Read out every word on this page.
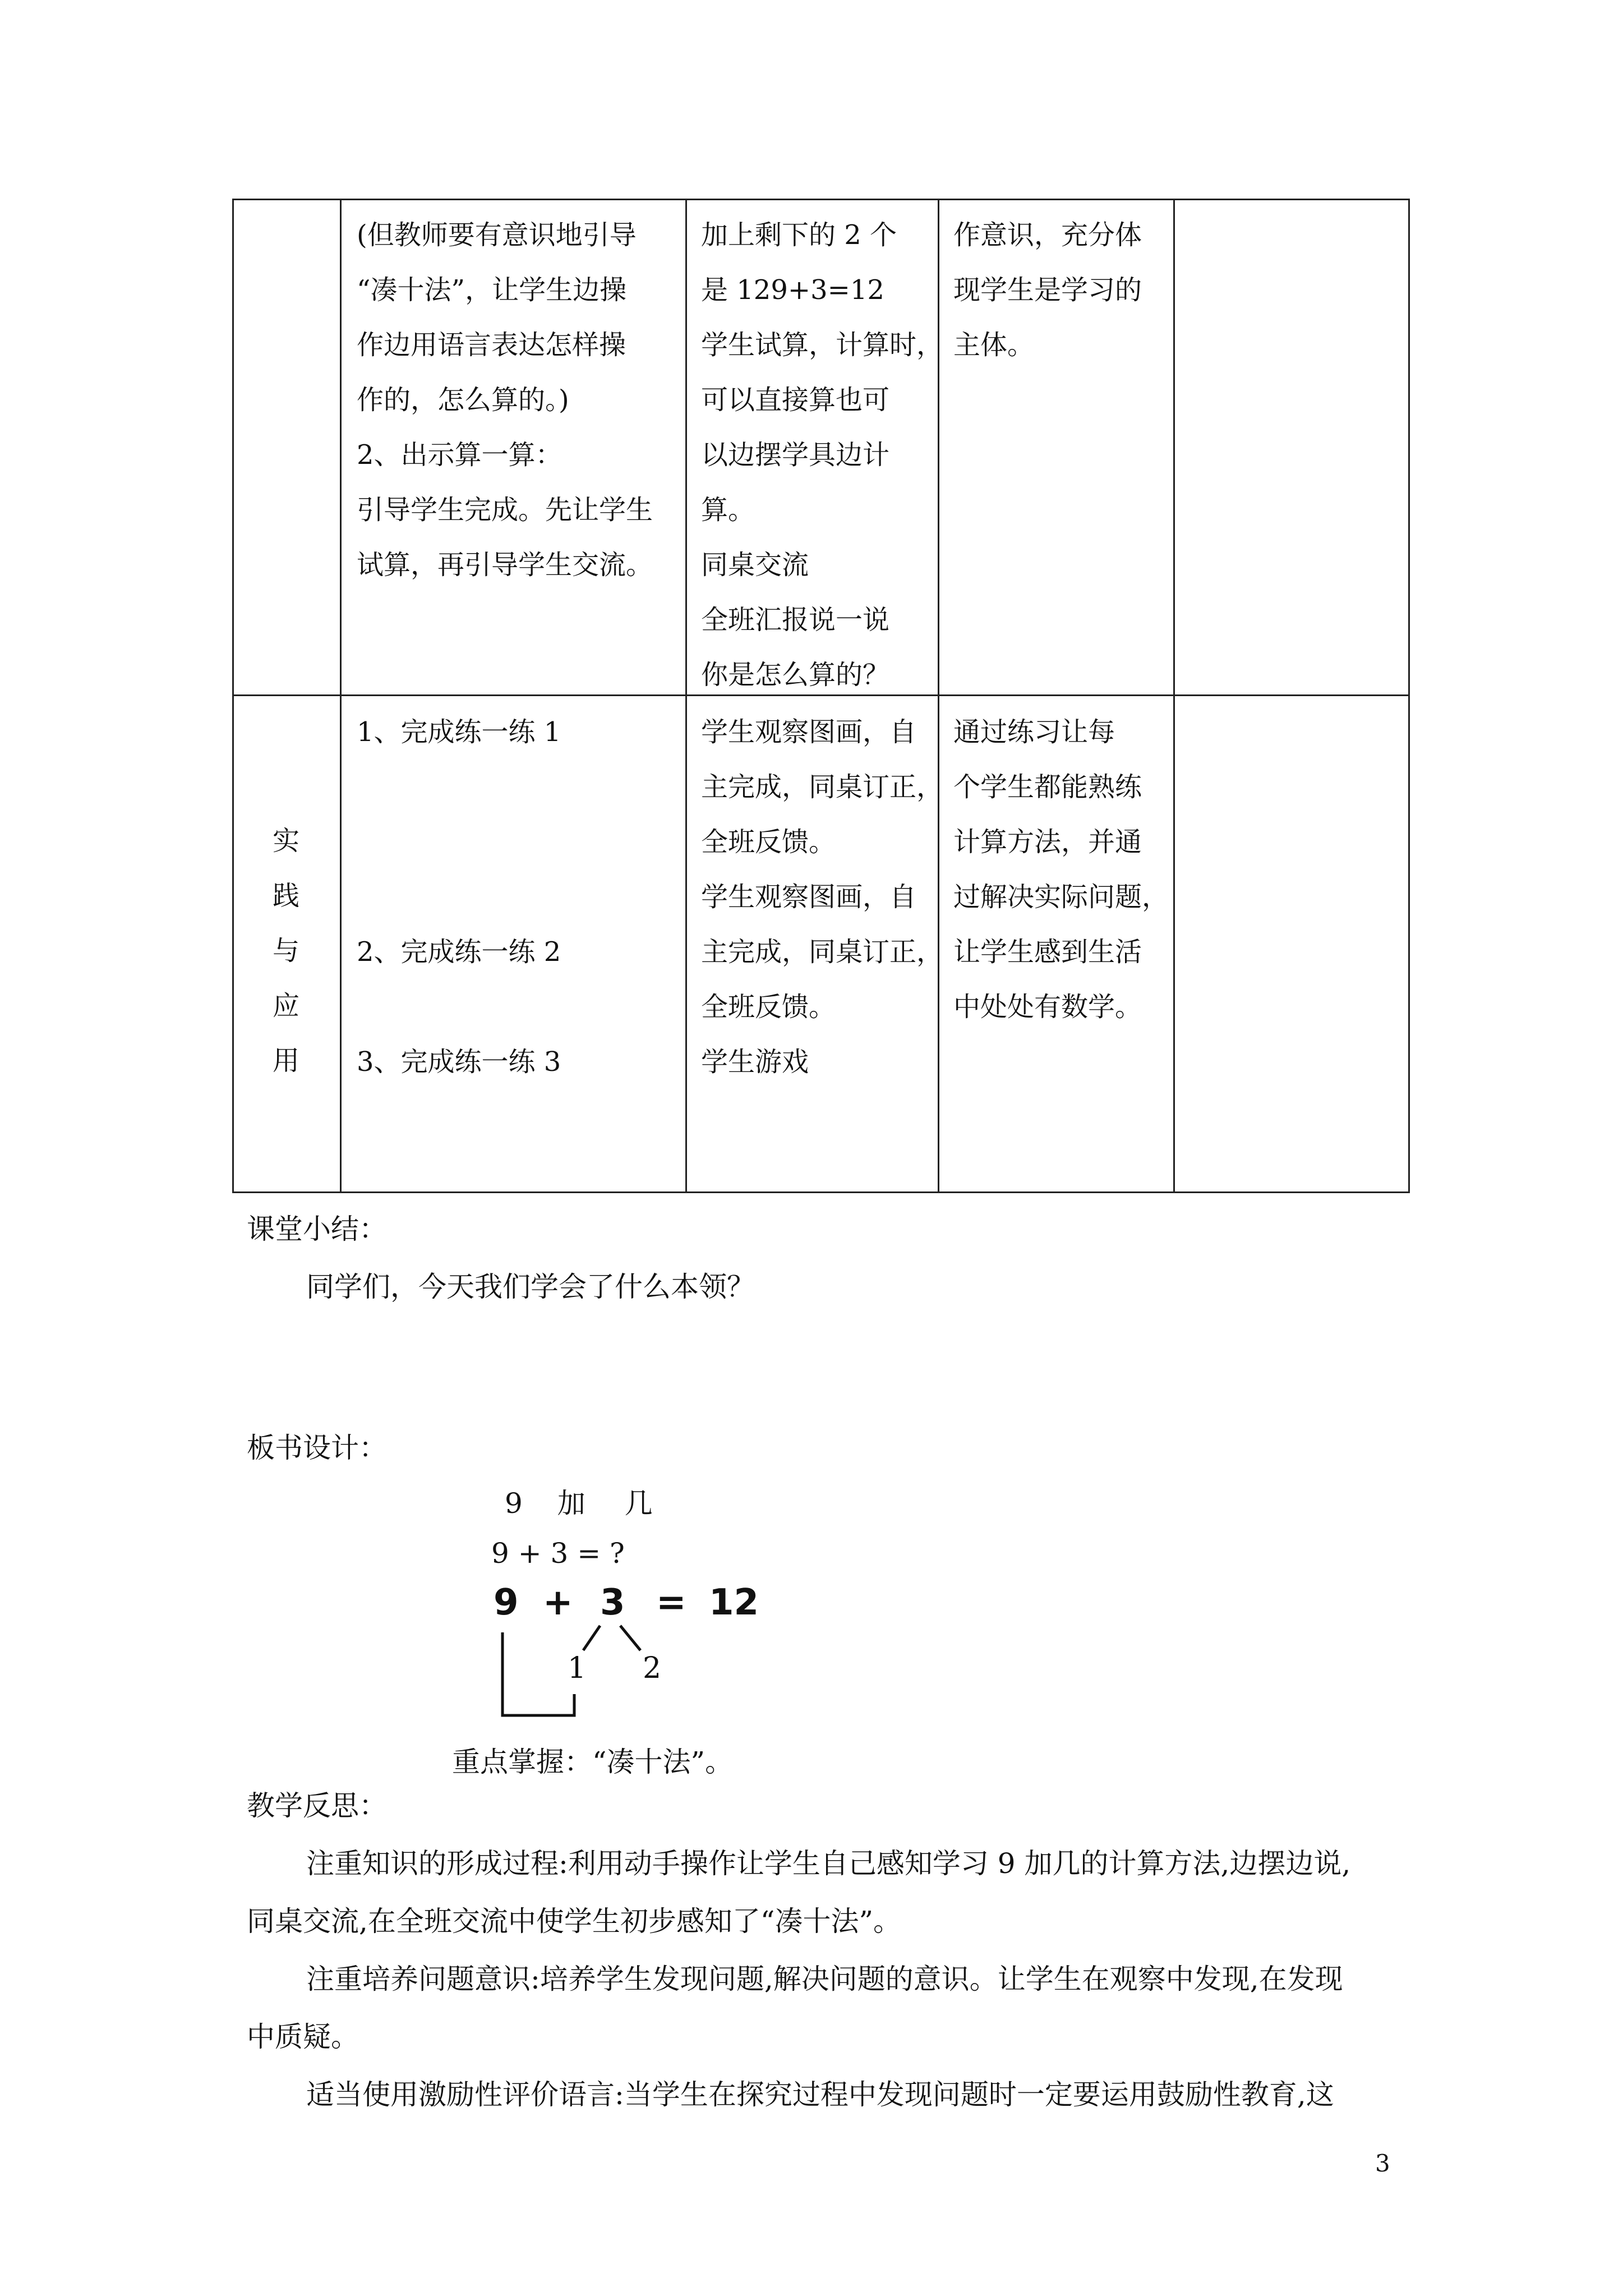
(但教师要有意识地引导
“凑十法”，让学生边操
作边用语言表达怎样操
作的，怎么算的。)
2、出示算一算：
引导学生完成。先让学生
试算，再引导学生交流。
加上剩下的 2 个
是 129+3=12
学生试算，计算时，
可以直接算也可
以边摆学具边计
算。
同桌交流
全班汇报说一说
你是怎么算的？
作意识，充分体
现学生是学习的
主体。
实
践
与
应
用
1、完成练一练 1
2、完成练一练 2
3、完成练一练 3
学生观察图画，自
主完成，同桌订正，
全班反馈。
学生观察图画，自
主完成，同桌订正，
全班反馈。
学生游戏
通过练习让每
个学生都能熟练
计算方法，并通
过解决实际问题，
让学生感到生活
中处处有数学。
课堂小结：
同学们，今天我们学会了什么本领？
板书设计：
9 加 几
9 + 3 = ?
9 + 3 = 12
1 2
重点掌握：“凑十法”。
教学反思：
注重知识的形成过程:利用动手操作让学生自己感知学习 9 加几的计算方法,边摆边说,
同桌交流,在全班交流中使学生初步感知了“凑十法”。
注重培养问题意识:培养学生发现问题,解决问题的意识。让学生在观察中发现,在发现
中质疑。
适当使用激励性评价语言:当学生在探究过程中发现问题时一定要运用鼓励性教育,这
3
